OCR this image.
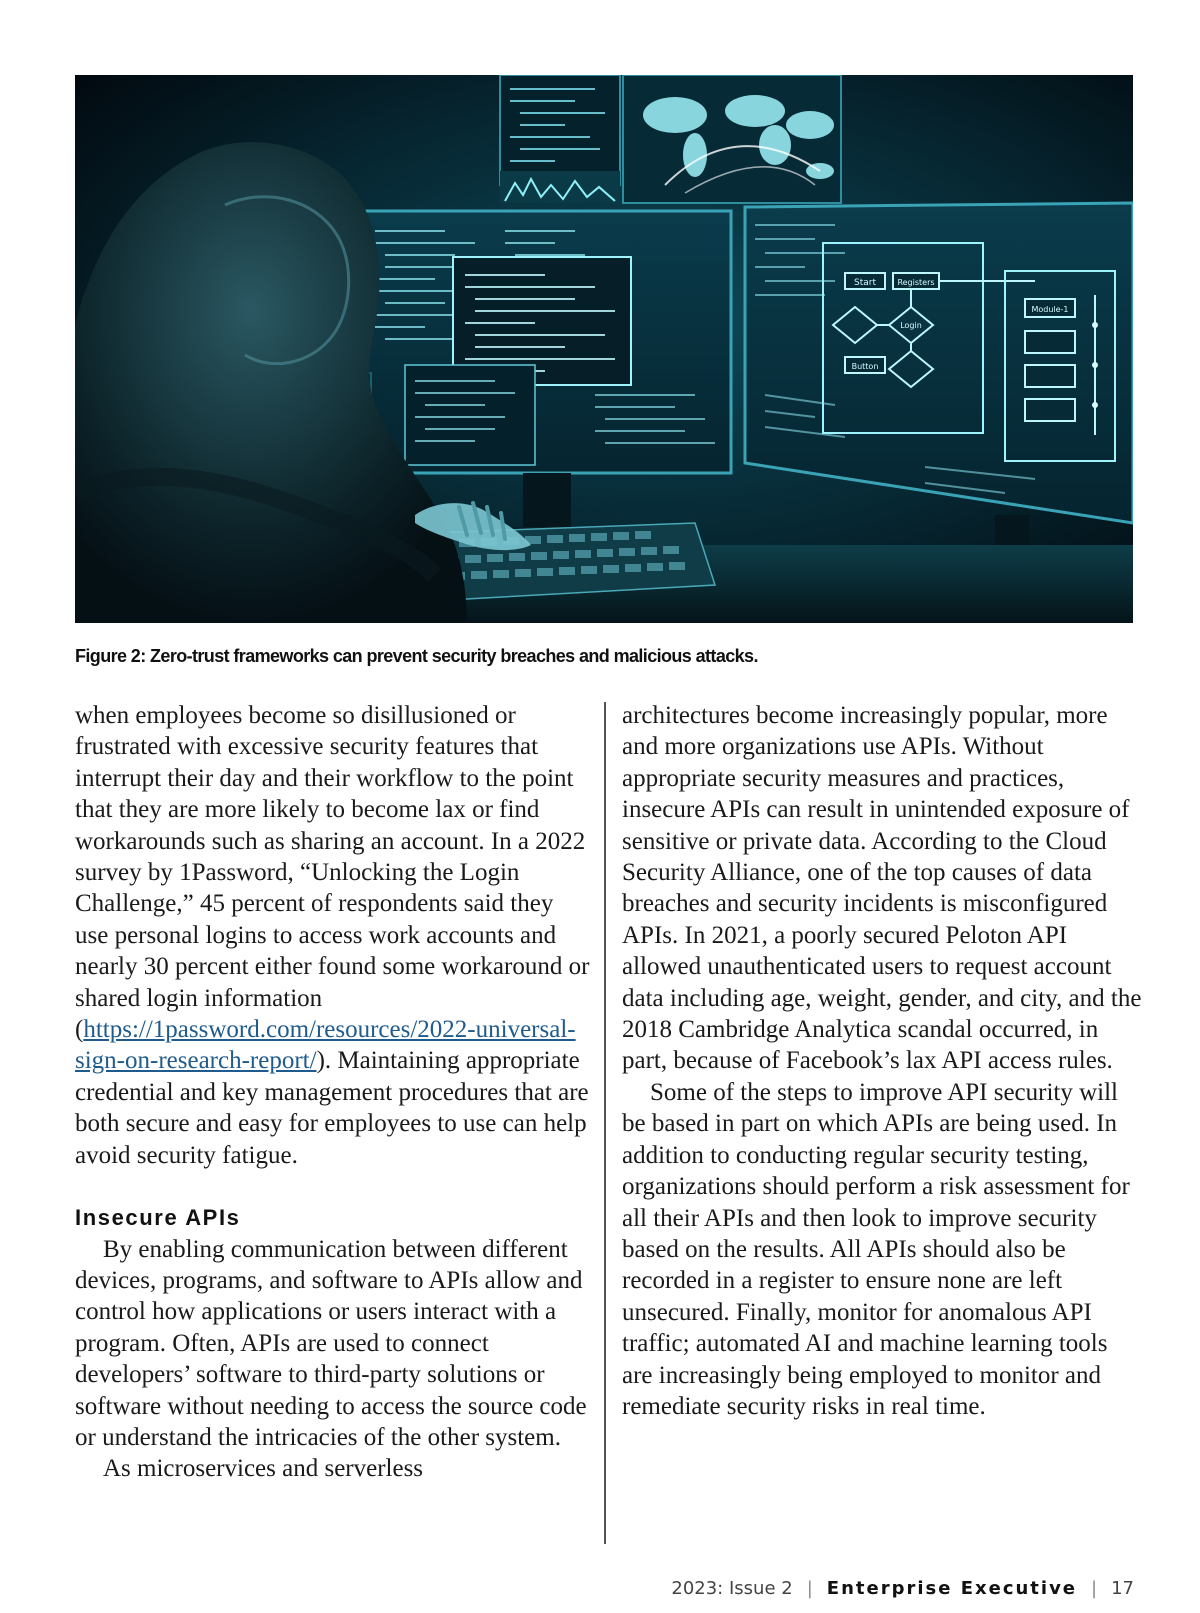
Start	Registers
Login
Button
Module-1
Figure 2: Zero-trust frameworks can prevent security breaches and malicious attacks.

when employees become so disillusioned or frustrated with excessive security features that interrupt their day and their workflow to the point that they are more likely to become lax or find workarounds such as sharing an account. In a 2022 survey by 1Password, “Unlocking the Login Challenge,” 45 percent of respondents said they use personal logins to access work accounts and nearly 30 percent either found some workaround or shared login information (https://1password.com/resources/2022-universal-sign-on-research-report/). Maintaining appropriate credential and key management procedures that are both secure and easy for employees to use can help avoid security fatigue.

Insecure APIs

By enabling communication between different devices, programs, and software to APIs allow and control how applications or users interact with a program. Often, APIs are used to connect developers’ software to third-party solutions or software without needing to access the source code or understand the intricacies of the other system.

As microservices and serverless

architectures become increasingly popular, more and more organizations use APIs. Without appropriate security measures and practices, insecure APIs can result in unintended exposure of sensitive or private data. According to the Cloud Security Alliance, one of the top causes of data breaches and security incidents is misconfigured APIs. In 2021, a poorly secured Peloton API allowed unauthenticated users to request account data including age, weight, gender, and city, and the 2018 Cambridge Analytica scandal occurred, in part, because of Facebook’s lax API access rules.

Some of the steps to improve API security will be based in part on which APIs are being used. In addition to conducting regular security testing, organizations should perform a risk assessment for all their APIs and then look to improve security based on the results. All APIs should also be recorded in a register to ensure none are left unsecured. Finally, monitor for anomalous API traffic; automated AI and machine learning tools are increasingly being employed to monitor and remediate security risks in real time.

2023: Issue 2 | Enterprise Executive | 17
